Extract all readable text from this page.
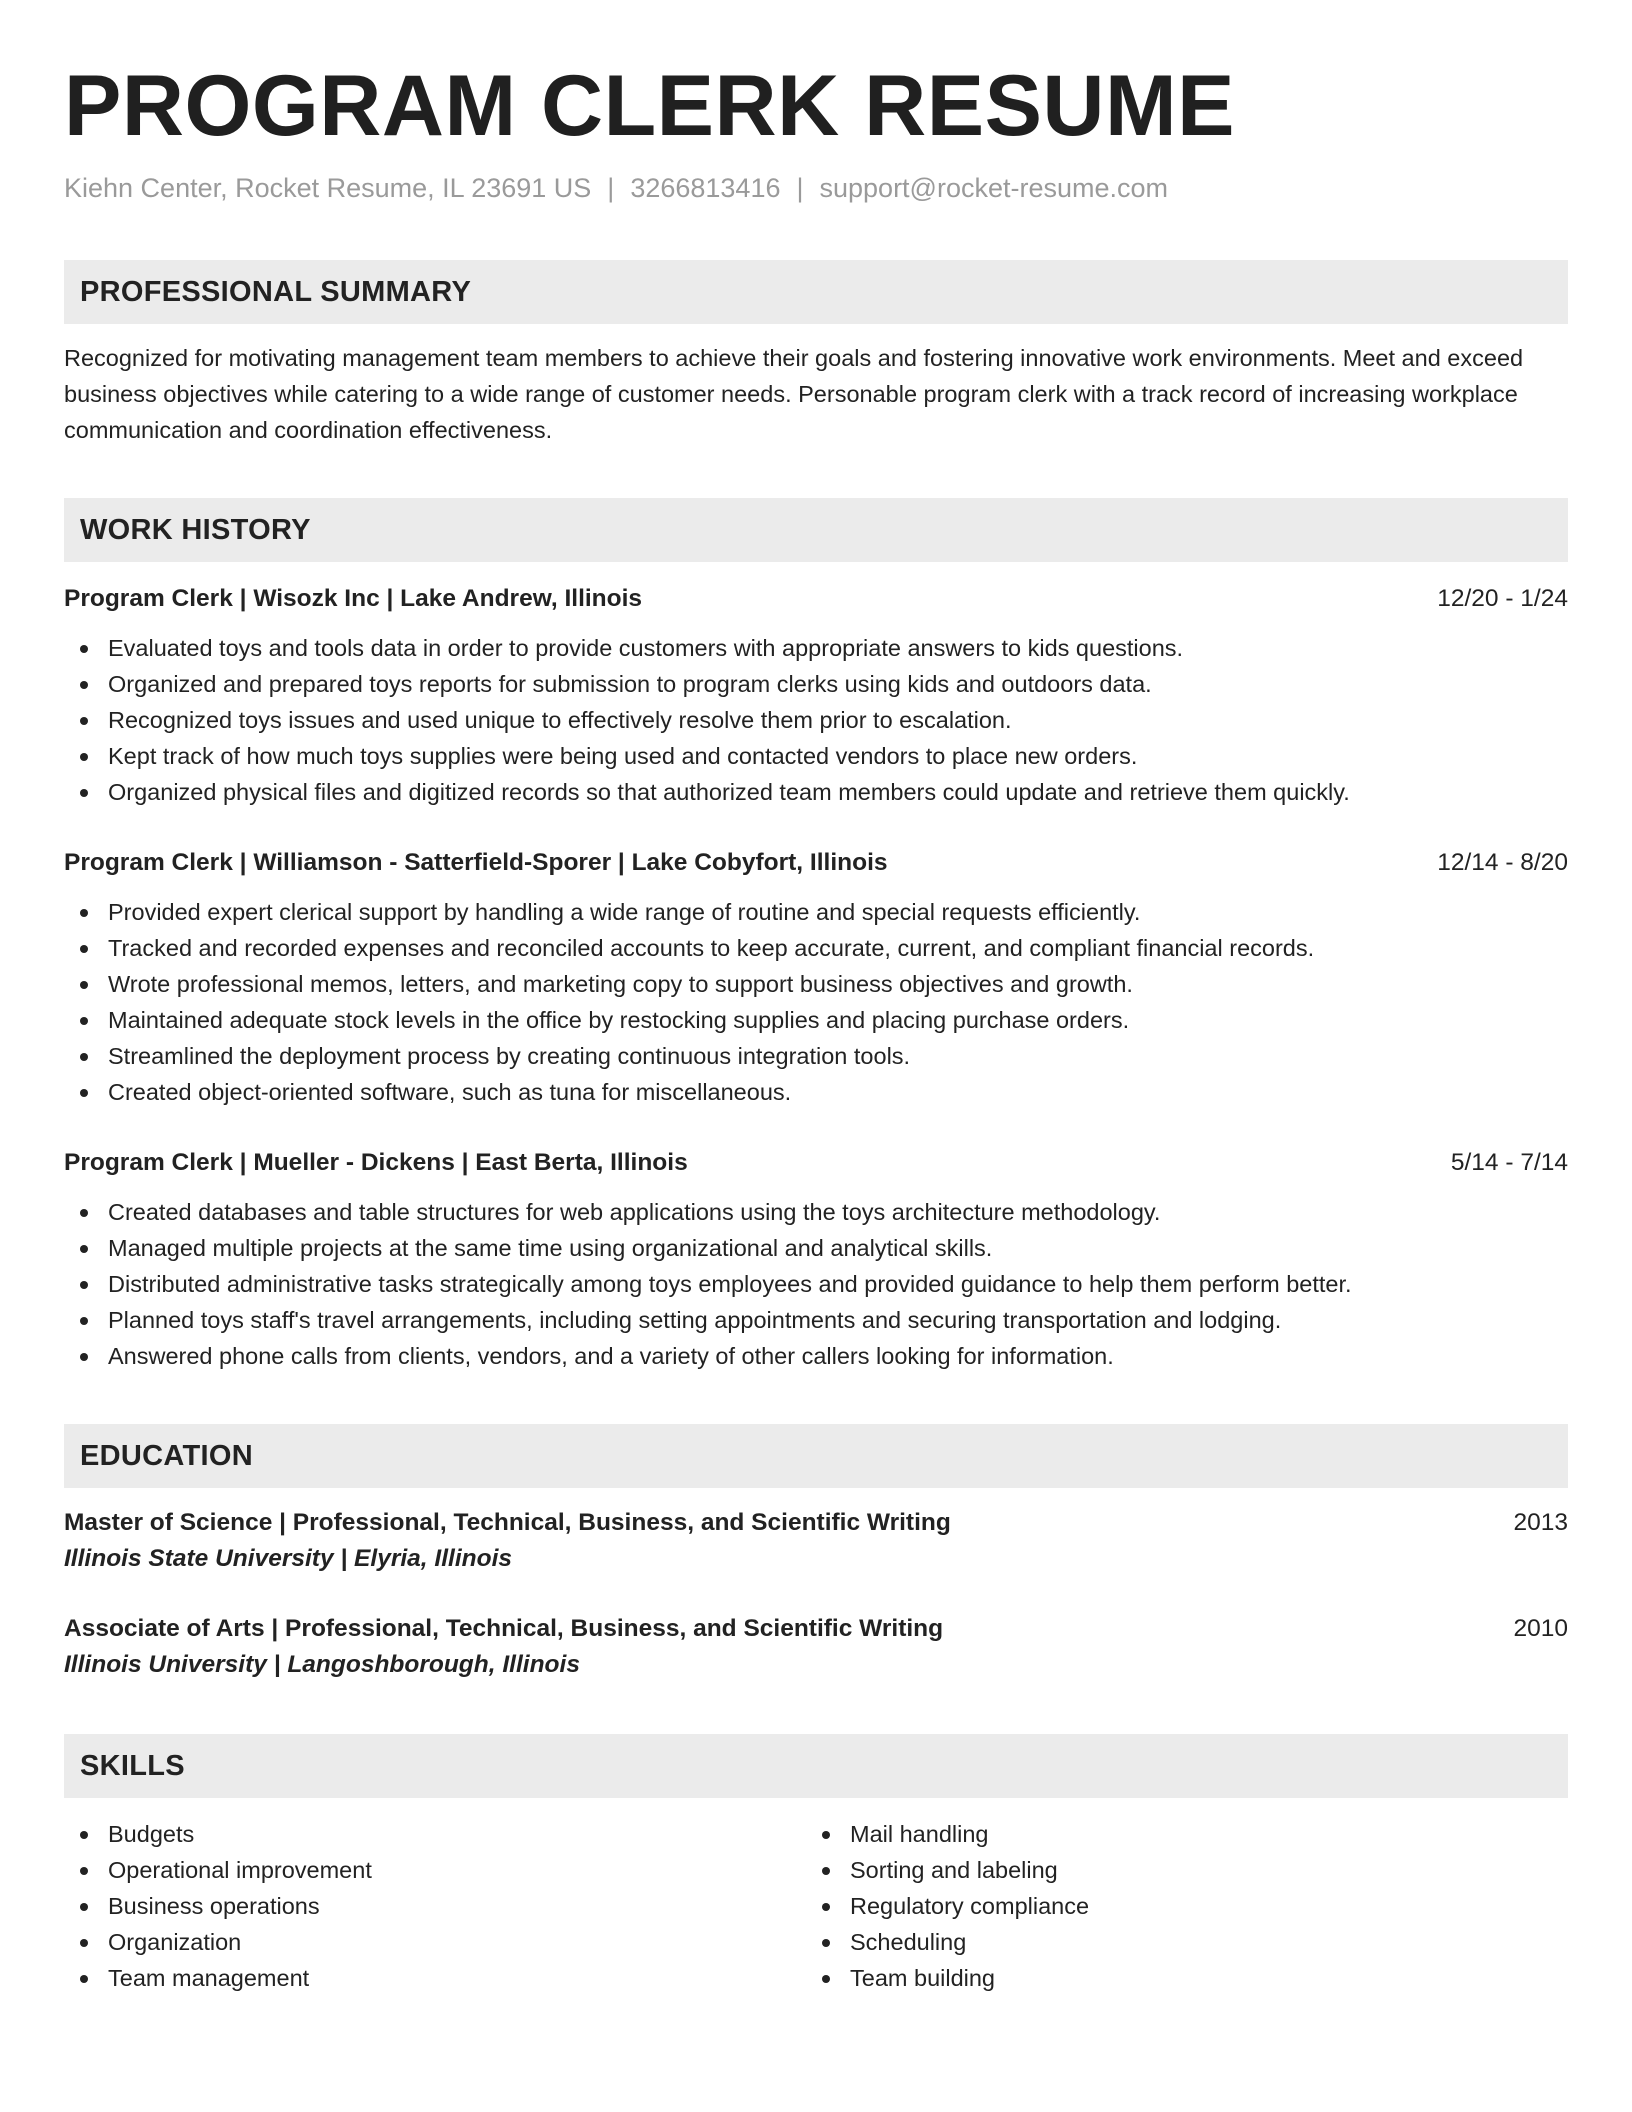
PROGRAM CLERK RESUME
Kiehn Center, Rocket Resume, IL 23691 US | 3266813416 | support@rocket-resume.com
PROFESSIONAL SUMMARY

Recognized for motivating management team members to achieve their goals and fostering innovative work environments. Meet and exceed business objectives while catering to a wide range of customer needs. Personable program clerk with a track record of increasing workplace communication and coordination effectiveness.

WORK HISTORY
Program Clerk | Wisozk Inc | Lake Andrew, Illinois	12/20 - 1/24
Evaluated toys and tools data in order to provide customers with appropriate answers to kids questions.
Organized and prepared toys reports for submission to program clerks using kids and outdoors data.
Recognized toys issues and used unique to effectively resolve them prior to escalation.
Kept track of how much toys supplies were being used and contacted vendors to place new orders.
Organized physical files and digitized records so that authorized team members could update and retrieve them quickly.
Program Clerk | Williamson - Satterfield-Sporer | Lake Cobyfort, Illinois	12/14 - 8/20
Provided expert clerical support by handling a wide range of routine and special requests efficiently.
Tracked and recorded expenses and reconciled accounts to keep accurate, current, and compliant financial records.
Wrote professional memos, letters, and marketing copy to support business objectives and growth.
Maintained adequate stock levels in the office by restocking supplies and placing purchase orders.
Streamlined the deployment process by creating continuous integration tools.
Created object-oriented software, such as tuna for miscellaneous.
Program Clerk | Mueller - Dickens | East Berta, Illinois	5/14 - 7/14
Created databases and table structures for web applications using the toys architecture methodology.
Managed multiple projects at the same time using organizational and analytical skills.
Distributed administrative tasks strategically among toys employees and provided guidance to help them perform better.
Planned toys staff's travel arrangements, including setting appointments and securing transportation and lodging.
Answered phone calls from clients, vendors, and a variety of other callers looking for information.
EDUCATION
Master of Science | Professional, Technical, Business, and Scientific Writing	2013
Illinois State University | Elyria, Illinois
Associate of Arts | Professional, Technical, Business, and Scientific Writing	2010
Illinois University | Langoshborough, Illinois
SKILLS
Budgets
Operational improvement
Business operations
Organization
Team management
Mail handling
Sorting and labeling
Regulatory compliance
Scheduling
Team building
